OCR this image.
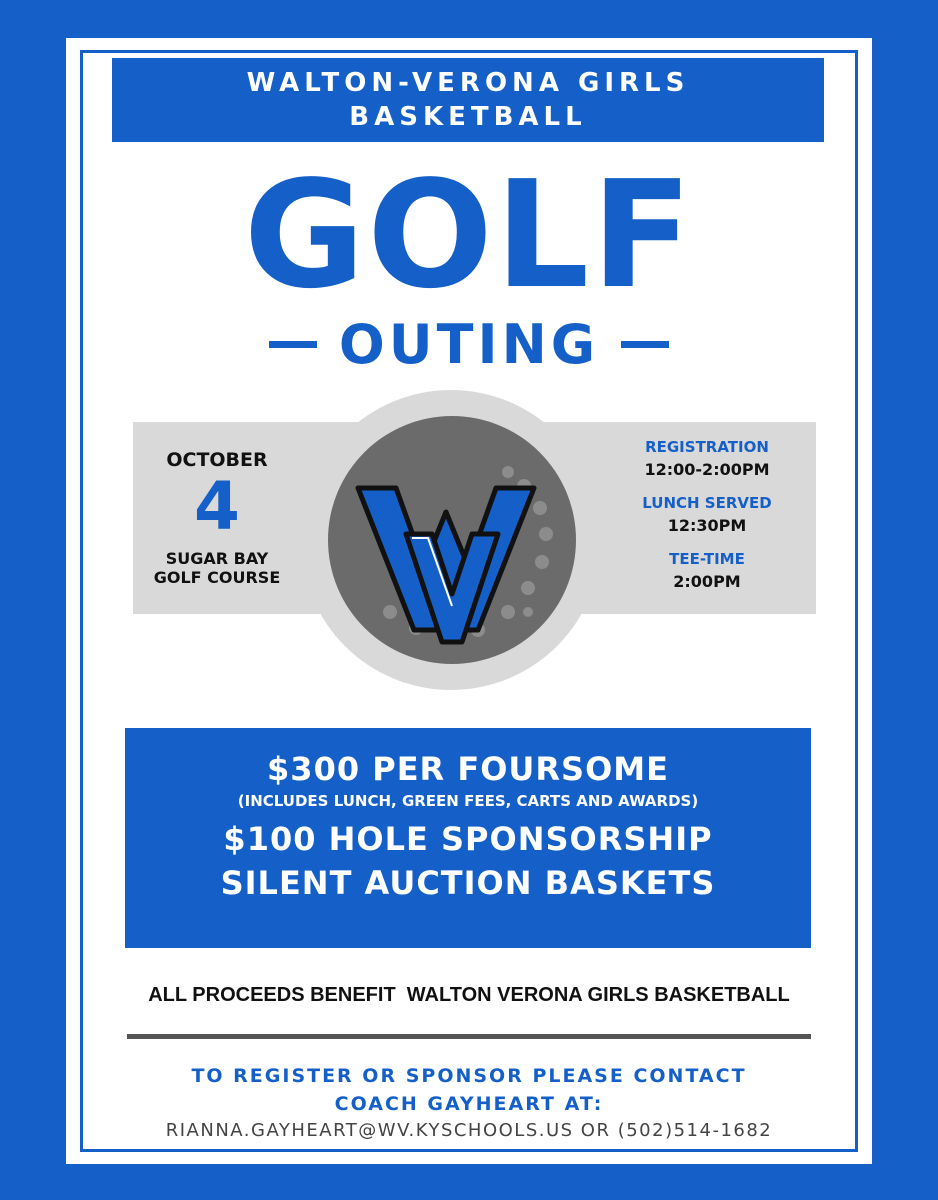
WALTON-VERONA GIRLS
BASKETBALL
GOLF
OUTING
OCTOBER
4
SUGAR BAY
GOLF COURSE
REGISTRATION
12:00-2:00PM
LUNCH SERVED
12:30PM
TEE-TIME
2:00PM
$300 PER FOURSOME
(INCLUDES LUNCH, GREEN FEES, CARTS AND AWARDS)
$100 HOLE SPONSORSHIP
SILENT AUCTION BASKETS
ALL PROCEEDS BENEFIT  WALTON VERONA GIRLS BASKETBALL
TO REGISTER OR SPONSOR PLEASE CONTACT
COACH GAYHEART AT:
RIANNA.GAYHEART@WV.KYSCHOOLS.US OR (502)514-1682
